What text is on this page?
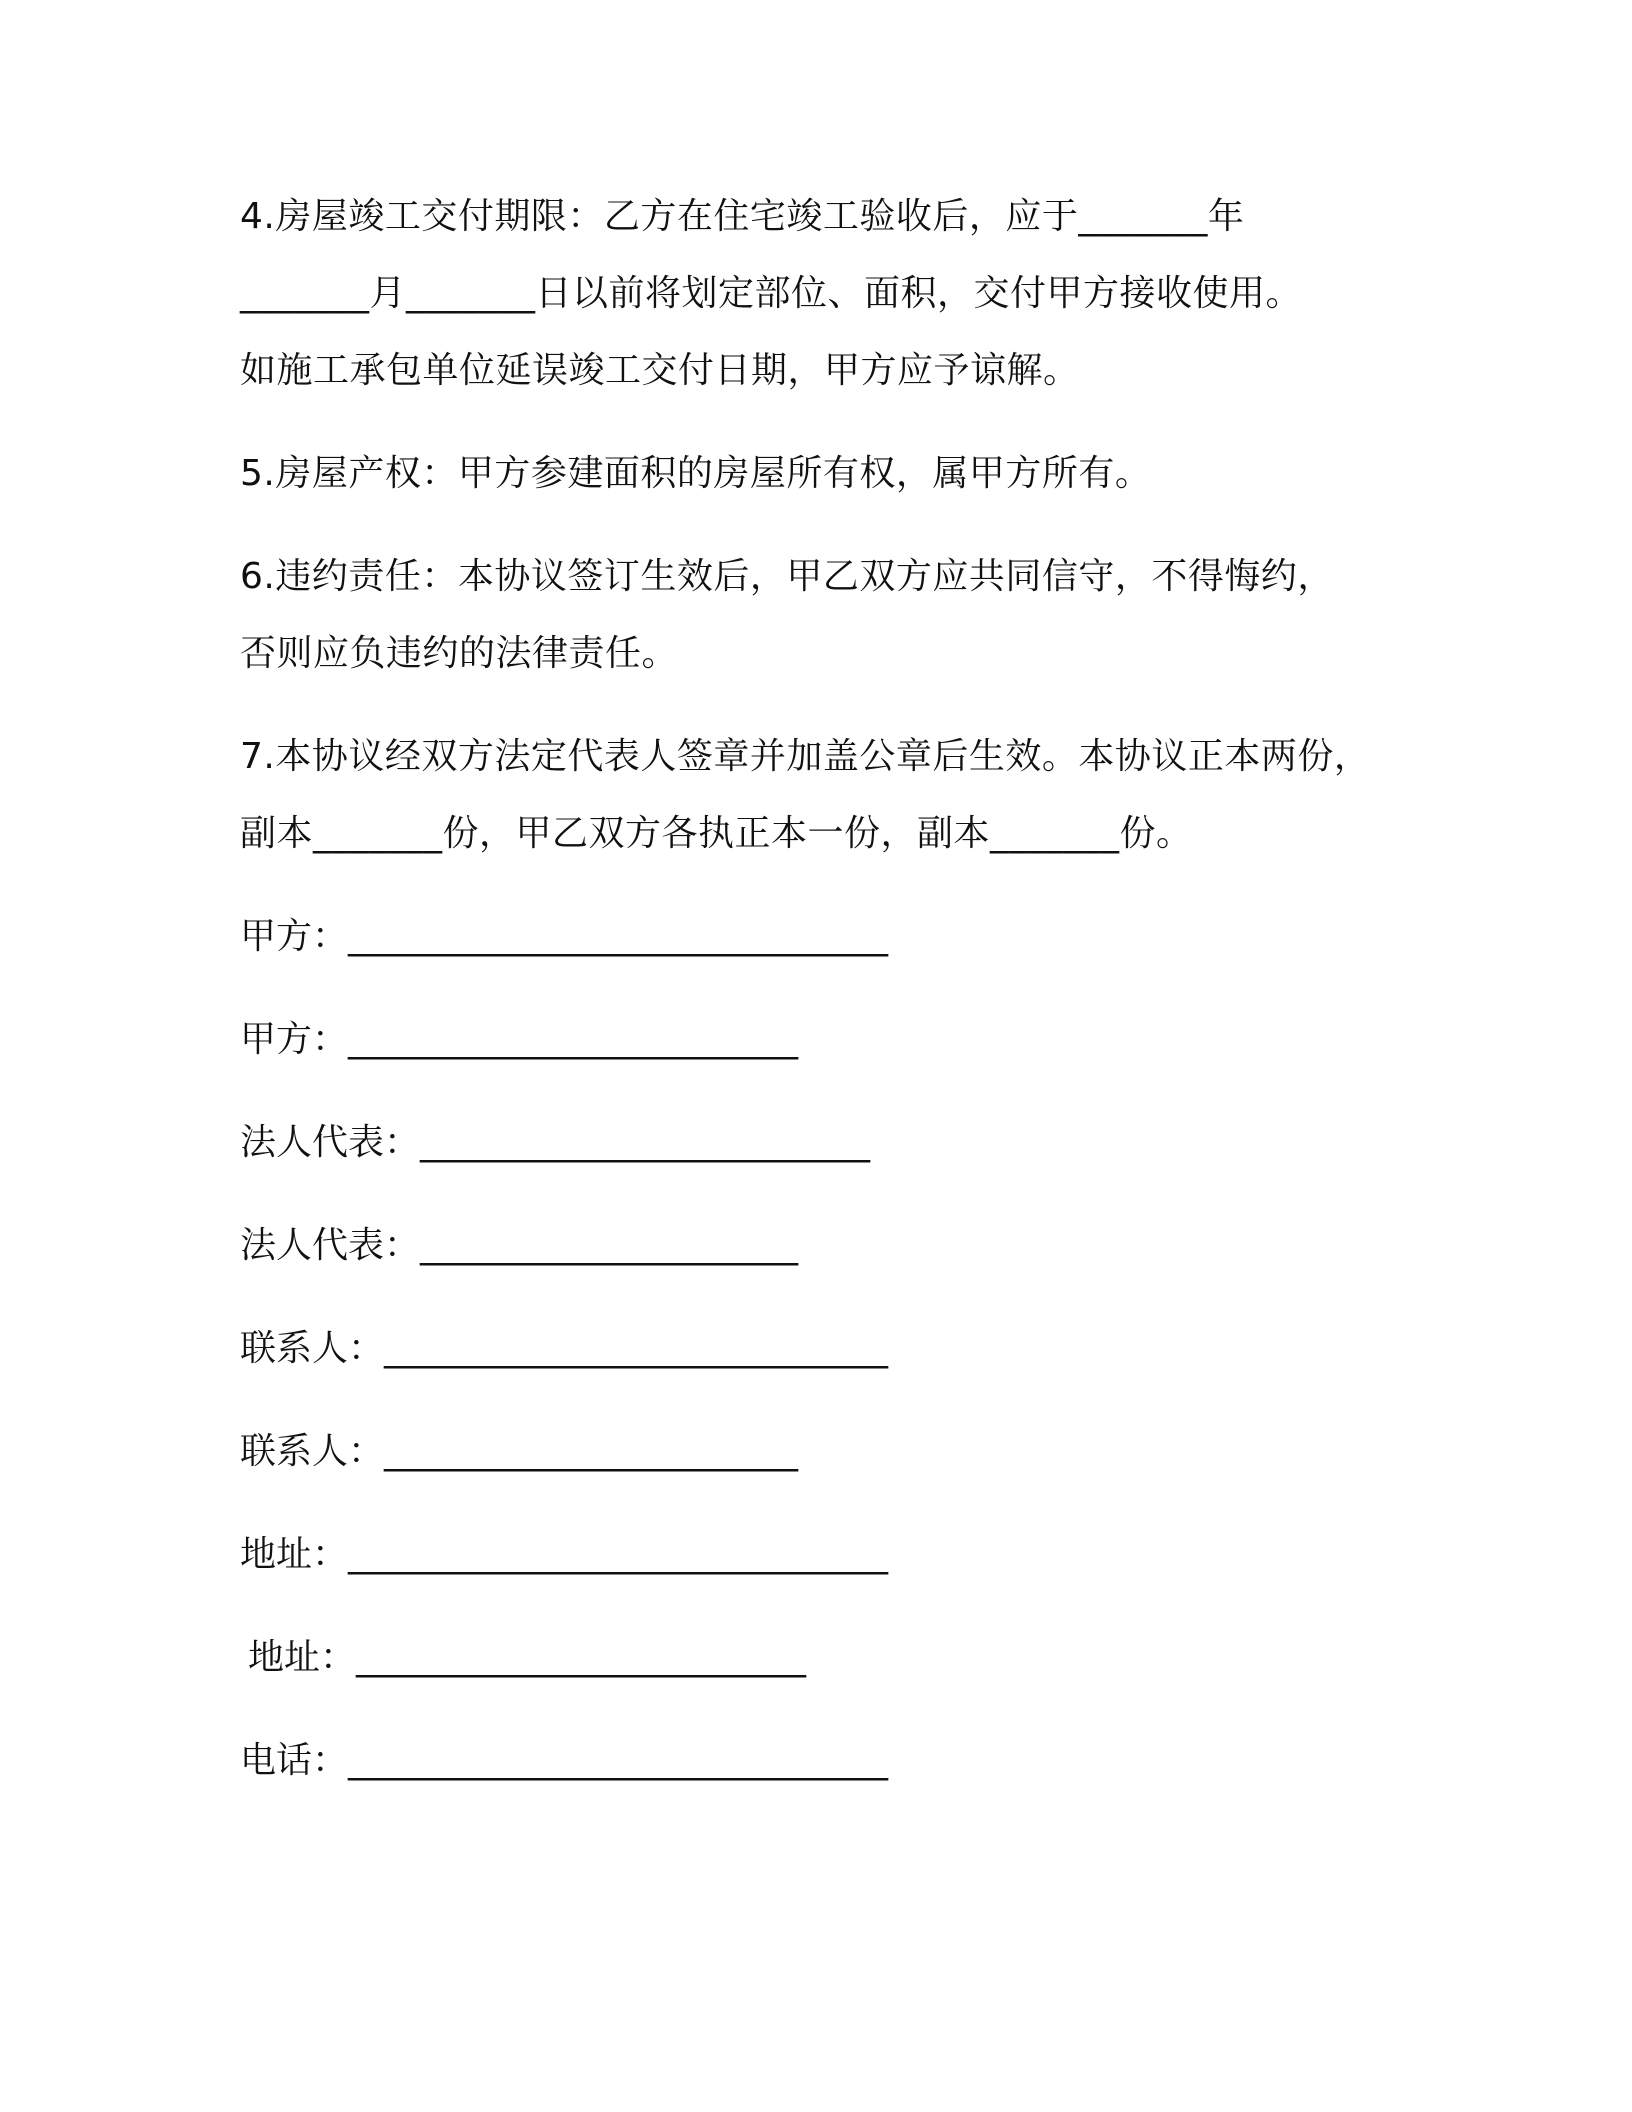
4.房屋竣工交付期限：乙方在住宅竣工验收后，应于_______年
_______月_______日以前将划定部位、面积，交付甲方接收使用。
如施工承包单位延误竣工交付日期，甲方应予谅解。
5.房屋产权：甲方参建面积的房屋所有权，属甲方所有。
6.违约责任：本协议签订生效后，甲乙双方应共同信守，不得悔约，
否则应负违约的法律责任。
7.本协议经双方法定代表人签章并加盖公章后生效。本协议正本两份，
副本_______份，甲乙双方各执正本一份，副本_______份。
甲方：______________________________
甲方：_________________________
法人代表：_________________________
法人代表：_____________________
联系人：____________________________
联系人：_______________________
地址：______________________________
地址：_________________________
电话：______________________________
